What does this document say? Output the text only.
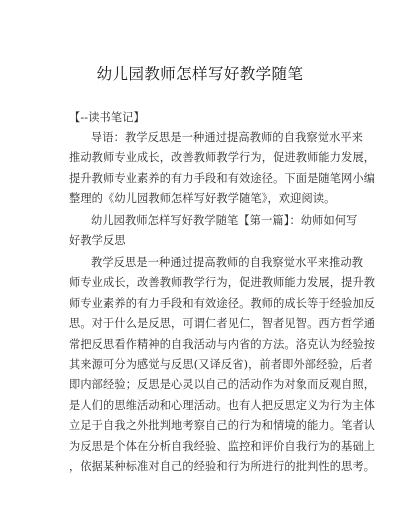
幼儿园教师怎样写好教学随笔
【--读书笔记】
导语：教学反思是一种通过提高教师的自我察觉水平来
推动教师专业成长，改善教师教学行为，促进教师能力发展，
提升教师专业素养的有力手段和有效途径。下面是随笔网小编
整理的《幼儿园教师怎样写好教学随笔》，欢迎阅读。
幼儿园教师怎样写好教学随笔【第一篇】：幼师如何写
好教学反思
教学反思是一种通过提高教师的自我察觉水平来推动教
师专业成长，改善教师教学行为，促进教师能力发展，提升教
师专业素养的有力手段和有效途径。教师的成长等于经验加反
思。对于什么是反思，可谓仁者见仁，智者见智。西方哲学通
常把反思看作精神的自我活动与内省的方法。洛克认为经验按
其来源可分为感觉与反思(又译反省)，前者即外部经验，后者
即内部经验；反思是心灵以自己的活动作为对象而反观自照，
是人们的思维活动和心理活动。也有人把反思定义为行为主体
立足于自我之外批判地考察自己的行为和情境的能力。笔者认
为反思是个体在分析自我经验、监控和评价自我行为的基础上
，依据某种标准对自己的经验和行为所进行的批判性的思考。
